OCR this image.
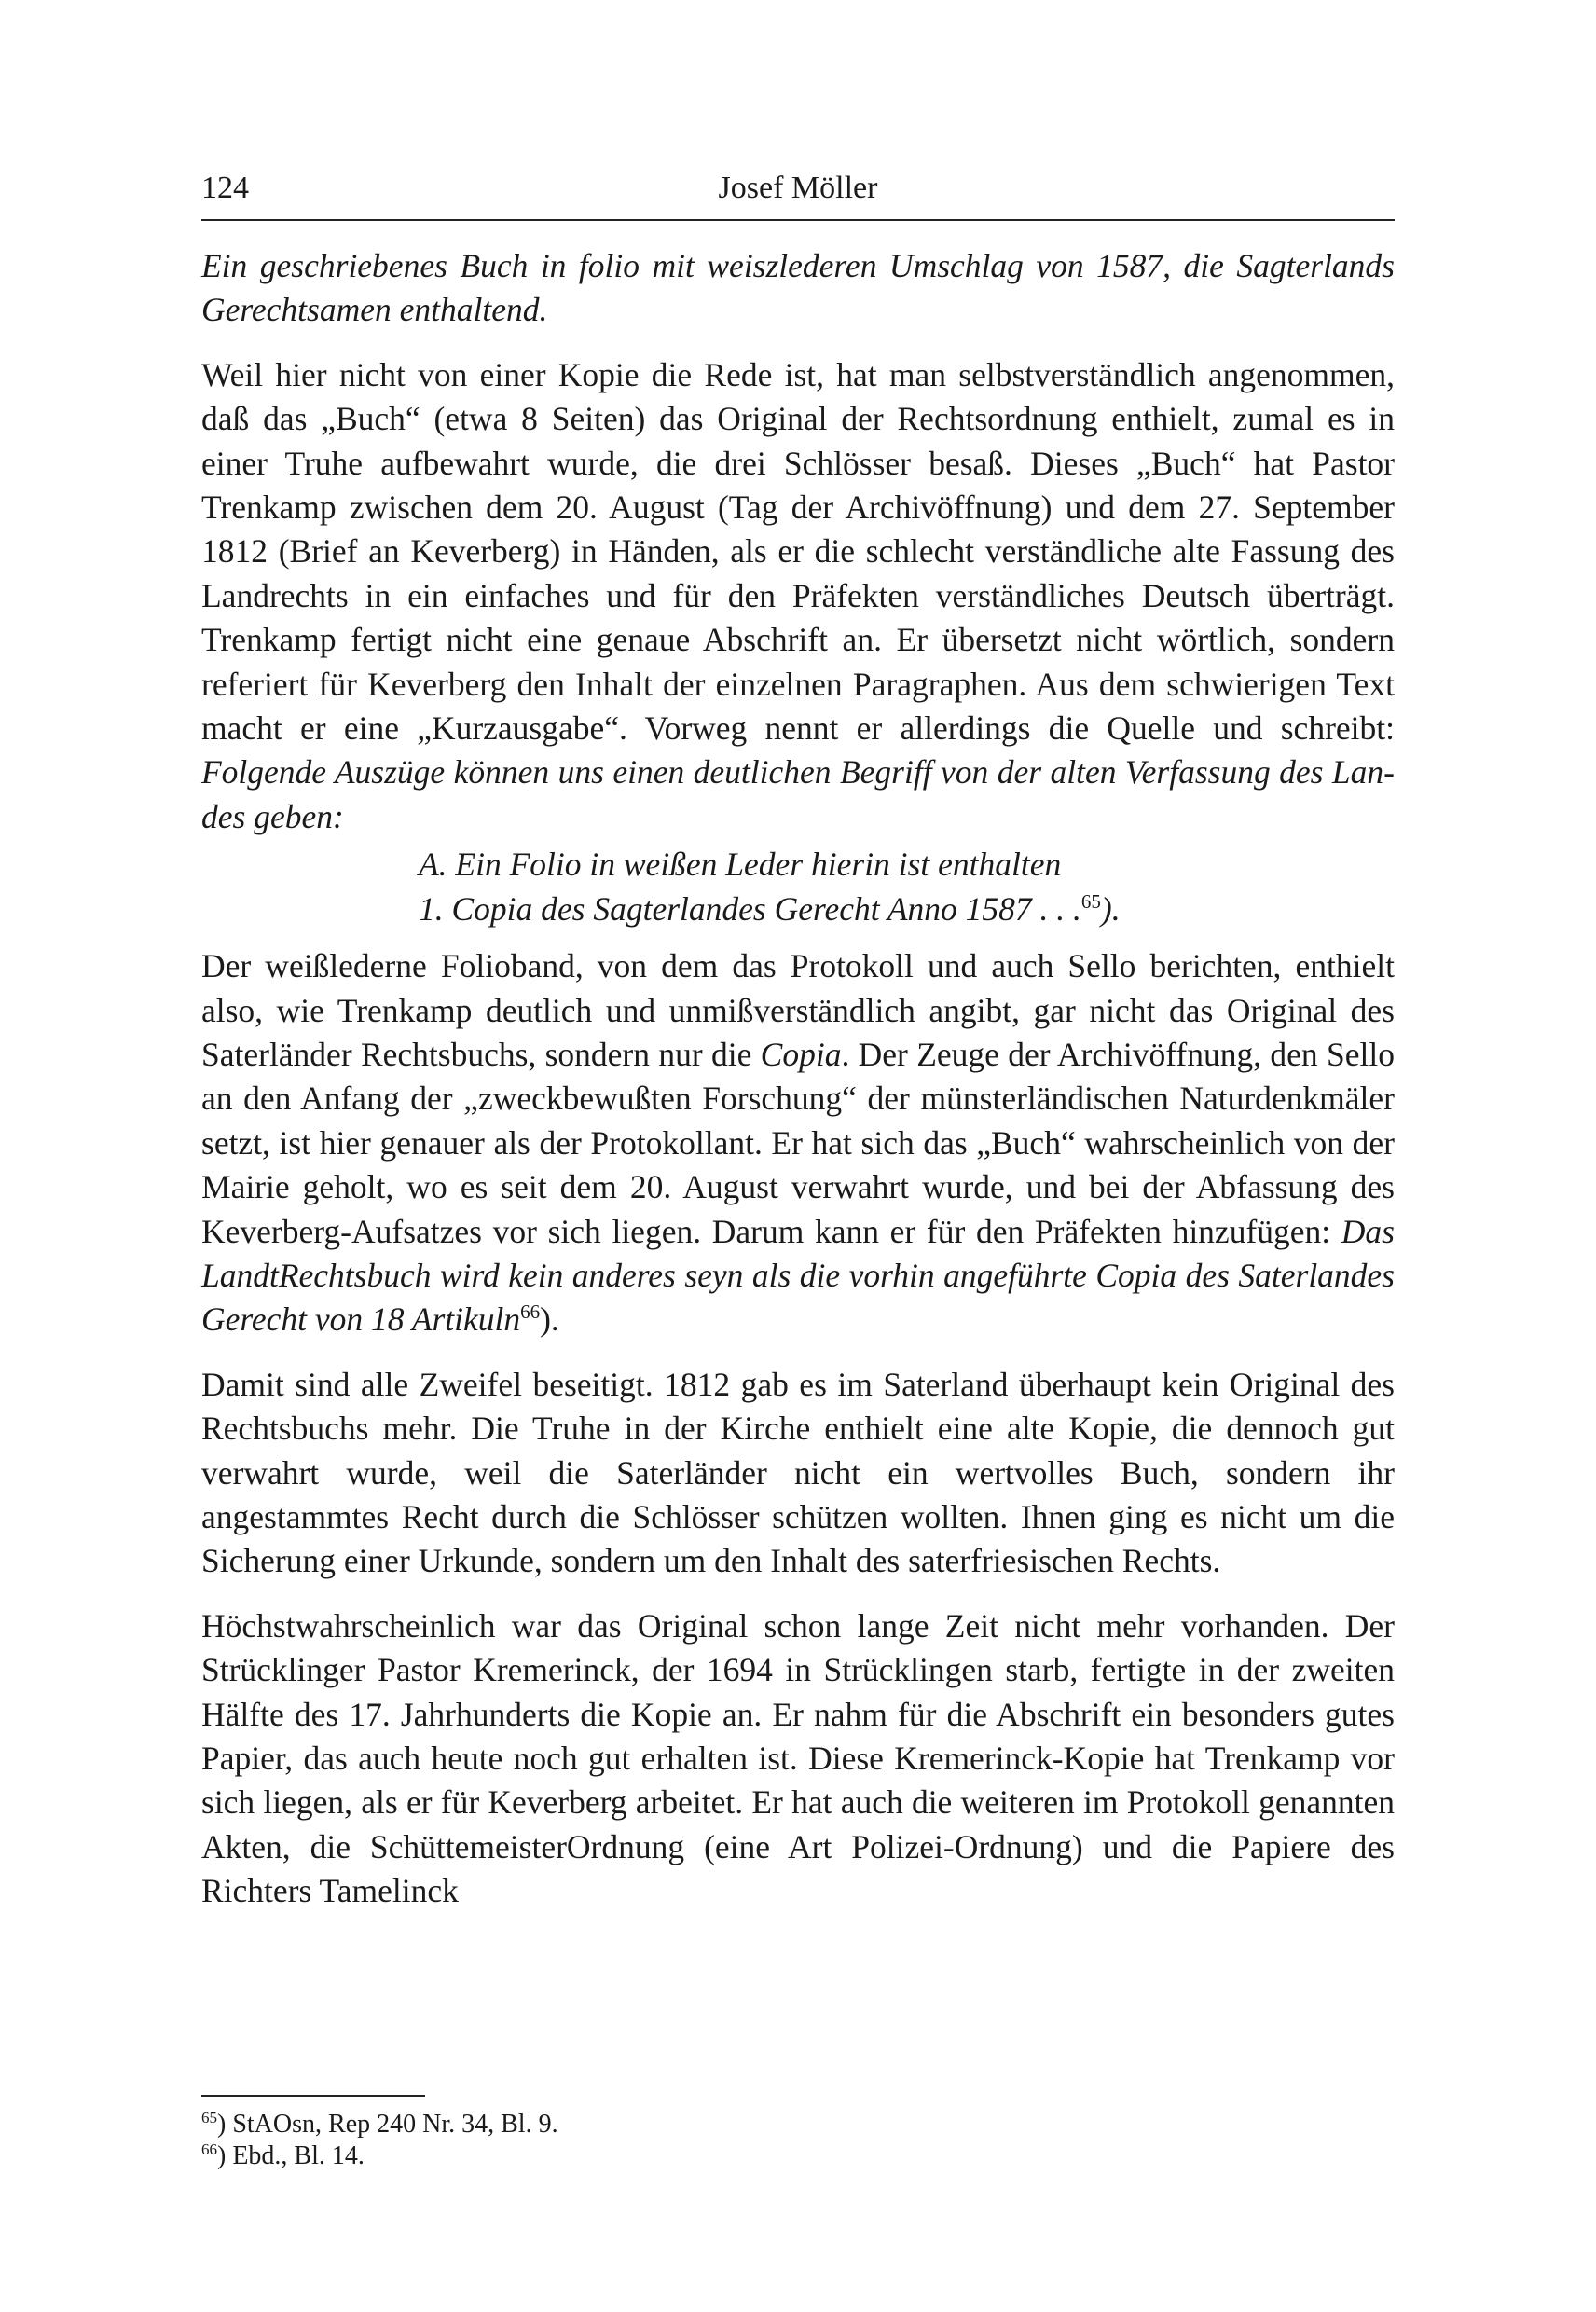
124	Josef Möller

Ein geschriebenes Buch in folio mit weiszlederen Umschlag von 1587, die Sagterlands Gerechtsamen enthaltend.

Weil hier nicht von einer Kopie die Rede ist, hat man selbstverständlich angenommen, daß das „Buch“ (etwa 8 Seiten) das Original der Rechtsordnung enthielt, zumal es in einer Truhe aufbewahrt wurde, die drei Schlösser besaß. Dieses „Buch“ hat Pastor Trenkamp zwischen dem 20. August (Tag der Archivöffnung) und dem 27. September 1812 (Brief an Keverberg) in Händen, als er die schlecht verständliche alte Fassung des Landrechts in ein einfaches und für den Präfekten verständliches Deutsch überträgt. Trenkamp fertigt nicht eine genaue Abschrift an. Er übersetzt nicht wörtlich, sondern referiert für Keverberg den Inhalt der einzelnen Paragraphen. Aus dem schwierigen Text macht er eine „Kurzausgabe“. Vorweg nennt er allerdings die Quelle und schreibt: Folgende Auszüge können uns einen deutlichen Begriff von der alten Verfassung des Landes geben:

A. Ein Folio in weißen Leder hierin ist enthalten
1. Copia des Sagterlandes Gerecht Anno 1587 . . .$^{65}$).

Der weißlederne Folioband, von dem das Protokoll und auch Sello berichten, enthielt also, wie Trenkamp deutlich und unmißverständlich angibt, gar nicht das Original des Saterländer Rechtsbuchs, sondern nur die Copia. Der Zeuge der Archivöffnung, den Sello an den Anfang der „zweckbewußten Forschung“ der münsterländischen Naturdenkmäler setzt, ist hier genauer als der Protokollant. Er hat sich das „Buch“ wahrscheinlich von der Mairie geholt, wo es seit dem 20. August verwahrt wurde, und bei der Abfassung des Keverberg-Aufsatzes vor sich liegen. Darum kann er für den Präfekten hinzufügen: Das LandtRechtsbuch wird kein anderes seyn als die vorhin angeführte Copia des Saterlandes Gerecht von 18 Artikuln$^{66}$).

Damit sind alle Zweifel beseitigt. 1812 gab es im Saterland überhaupt kein Original des Rechtsbuchs mehr. Die Truhe in der Kirche enthielt eine alte Kopie, die dennoch gut verwahrt wurde, weil die Saterländer nicht ein wertvolles Buch, sondern ihr angestammtes Recht durch die Schlösser schützen wollten. Ihnen ging es nicht um die Sicherung einer Urkunde, sondern um den Inhalt des saterfriesischen Rechts.

Höchstwahrscheinlich war das Original schon lange Zeit nicht mehr vorhanden. Der Strücklinger Pastor Kremerinck, der 1694 in Strücklingen starb, fertigte in der zweiten Hälfte des 17. Jahrhunderts die Kopie an. Er nahm für die Abschrift ein besonders gutes Papier, das auch heute noch gut erhalten ist. Diese Kremerinck-Kopie hat Trenkamp vor sich liegen, als er für Keverberg arbeitet. Er hat auch die weiteren im Protokoll genannten Akten, die SchüttemeisterOrdnung (eine Art Polizei-Ordnung) und die Papiere des Richters Tamelinck

$^{65}$) StAOsn, Rep 240 Nr. 34, Bl. 9.
$^{66}$) Ebd., Bl. 14.
